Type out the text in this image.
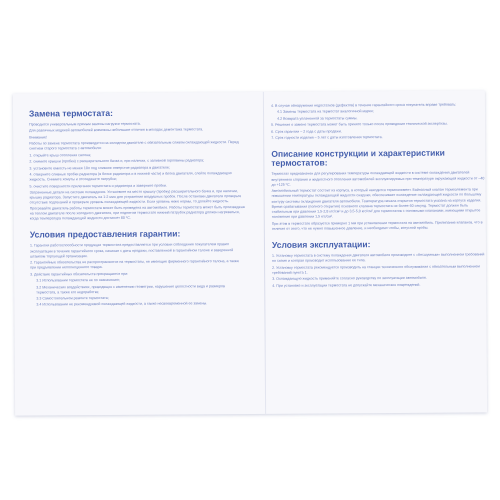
Замена термостата:
Проводится универсальным прямым замены нагрузки термостата.
Для различных модекей автомобилей возможны небольшие отличия в моходах демонтажа термостата.
Внимание!
Работы по замене термостата производятся на холодном двигателе с обязательным сливом охлаждающей жидкости. Перед снятием старого термостата с автомобиля:
1. открыйте крыш отопления салона;
2. снимите крышки (пробки) с расширительного бачка и, при наличии, с заливной горловины радиатора;
3. установите емкость не менее 10л под сливное отверстие радиатора в двигателе;
4. отверните сливные пробки радиатора (в блоке радиатора и в нижней части) и блока двигателя, слейте охлаждающую жидкость. Снимите хомуты и отсоедините патрубки;
5. очистите поверхности прилегания термостата и радиатора и заверните пробки.
Затраченные детали на системе охлаждения. Установите на место крышку (пробку) расширительного бачка и, при наличии, крышку радиатора. Запустите двигатель на 1-2 мин для устранения воздушных пробок. После остановки двигателя проверьте отсутствие подтеканий и проверьте уровень охлаждающей жидкости. Если уровень ниже нормы, то долейте жидкость. Прогревайте двигатель работы термостата может быть проведена на автомобиле. Работы термостата может быть произведена на теплом двигателе после холодного двигателя, при поднятом термостате нижний патрубок радиатора должен нагреваться, когда температура охлаждающей жидкости достигнет 80 ºC.
Условия предоставления гарантии:
1. Гарантия работоспособности продукции термостата предоставляется при условии соблюдения покупателем правил эксплуатации в течение гарантийного срока, начиная с даты продажи, поставленной в гарантийном талоне и заверенной штампом торгующей организации.
2. Гарантийные обязательства не распространяются на термостаты, не имеющие фирменного гарантийного талона, а также при предъявлении неполноценного товара.
3. Действие гарантийных обязательств прекращается при:
3.1 Использовании термостата не по назначению;
3.2 Механических воздействиях, приводящих к изменению геометрии, нарушению целостности вида и размеров термостата, а также его недоработке;
3.3 Самостоятельном ремонте термостата;
3.4 Использовании не рекомендуемой охлаждающей жидкости, а также несвоевременной ее замены.
4. В случае обнаружения недостатков (дефектов) в течение гарантийного срока покупатель вправе требовать:
4.1 Замены термостата на термостат аналогичной марки;
4.2 Возврата уплаченной за термостаты суммы.
5. Решение о замене термостата может быть принято только после проведения технической экспертизы.
6. Срок гарантии – 2 года с даты продажи.
7. Срок годности изделия – 5 лет с даты изготовления термостата.
Описание конструкции и характеристики термостатов:
Термостат предназначен для регулирования температуры охлаждающей жидкости в системе охлаждения двигателей внутреннего сгорания и жидкостного отопления автомобилей эксплуатируемых при температуре окружающей жидкости от –40 до +125 ºC.
Автомобильный термостат состоит из корпуса, в который находится термоэлемент. Байпасный клапан термоэлемента при повышении температуры охлаждающей жидкости снаружи, обеспечивает охлаждение охлаждающей жидкости по большому контуру системы охлаждения двигателя автомобиля. Температура начала открытия термостата указана на корпусе изделия. Время срабатывания (полного открытия) основного клапана термостата не более 60 секунд. Термостат должен быть стабильным при давлении 1,5-2,8 кгс/см² и до 3,5-5,0 кгс/см² для термостатов с основными клапанами, имеющими открытое положение при давлении 1,5 кгс/см².
При этом в термостате образуется примерно 1 мм при установлении термостата на автомобиль. Прилипание клапанов, что в отличие от этого, что не нужно повышенное давление, и необходимо чтобы, конусной пробы.
Условия эксплуатации:
1. Установку термостата в систему охлаждения двигателя автомобиля производите с «бесшумным» выполнением требований по схеме и которая производит использованию ее типа.
2. Установку термостата рекомендуется производить на станции технического обслуживания с обязательным выполнением требований пункта 1.
3. Охлаждающую жидкость применяйте согласно руководству по эксплуатации автомобиля.
4. При установке и эксплуатации термостата не допускайте механических повреждений.
